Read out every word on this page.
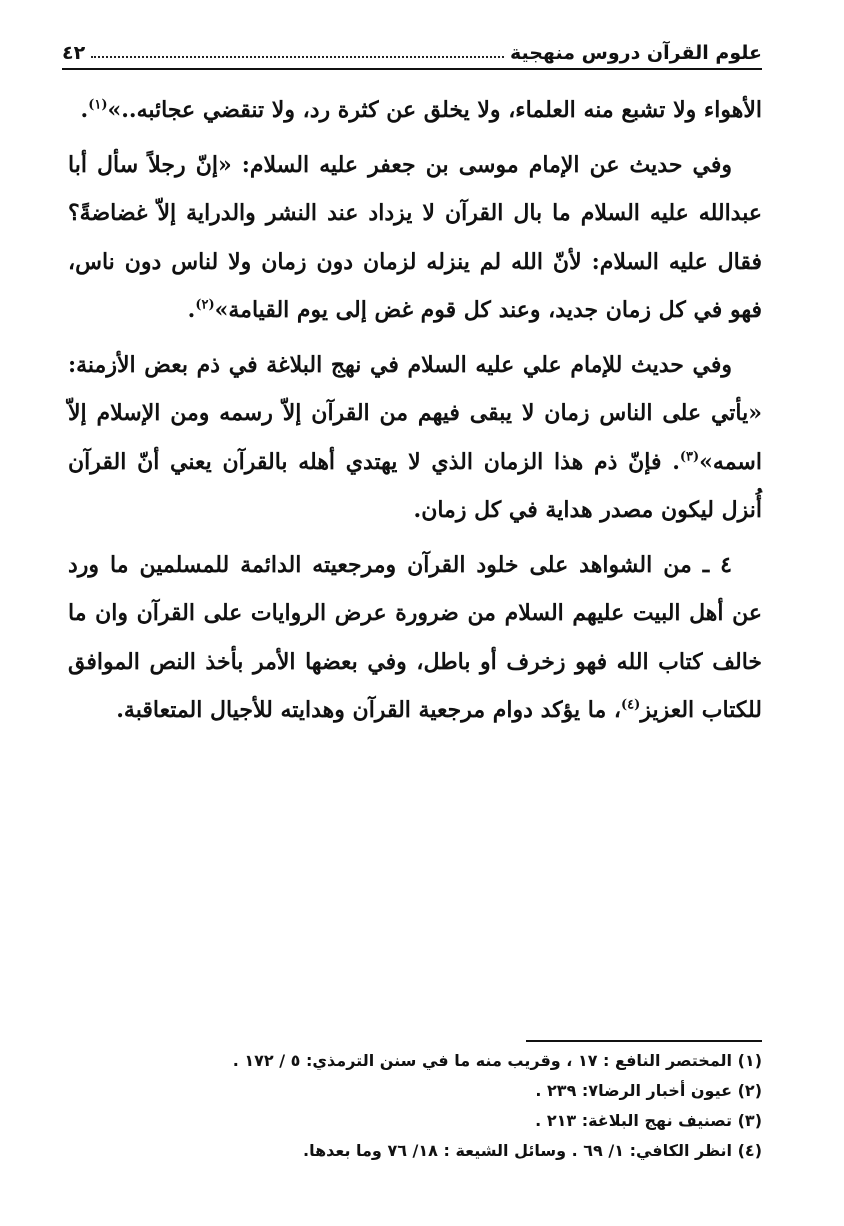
علوم القرآن دروس منهجية
٤٢

الأهواء ولا تشبع منه العلماء، ولا يخلق عن كثرة رد، ولا تنقضي عجائبه..»$^{(١)}$.

وفي حديث عن الإمام موسى بن جعفر عليه السلام: «إنّ رجلاً سأل أبا عبدالله عليه السلام ما بال القرآن لا يزداد عند النشر والدراية إلاّ غضاضةً؟ فقال عليه السلام: لأنّ الله لم ينزله لزمان دون زمان ولا لناس دون ناس، فهو في كل زمان جديد، وعند كل قوم غض إلى يوم القيامة»$^{(٢)}$.

وفي حديث للإمام علي عليه السلام في نهج البلاغة في ذم بعض الأزمنة: «يأتي على الناس زمان لا يبقى فيهم من القرآن إلاّ رسمه ومن الإسلام إلاّ اسمه»$^{(٣)}$. فإنّ ذم هذا الزمان الذي لا يهتدي أهله بالقرآن يعني أنّ القرآن أُنزل ليكون مصدر هداية في كل زمان.

٤ ـ من الشواهد على خلود القرآن ومرجعيته الدائمة للمسلمين ما ورد عن أهل البيت عليهم السلام من ضرورة عرض الروايات على القرآن وان ما خالف كتاب الله فهو زخرف أو باطل، وفي بعضها الأمر بأخذ النص الموافق للكتاب العزيز$^{(٤)}$، ما يؤكد دوام مرجعية القرآن وهدايته للأجيال المتعاقبة.

(١) المختصر النافع : ١٧ ، وقريب منه ما في سنن الترمذي: ٥ / ١٧٢ .

(٢) عيون أخبار الرضا٧: ٢٣٩ .

(٣) تصنيف نهج البلاغة: ٢١٣ .

(٤) انظر الكافي: ١/ ٦٩ . وسائل الشيعة : ١٨/ ٧٦ وما بعدها.
